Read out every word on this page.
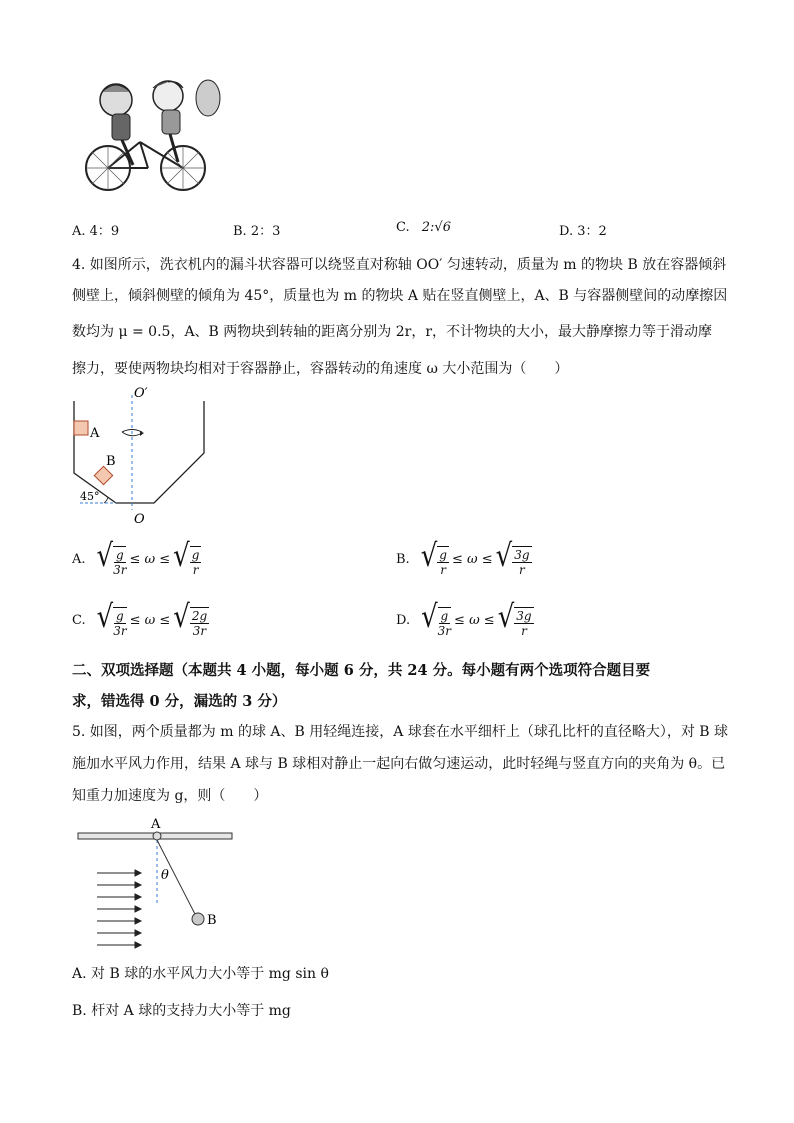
A. 4：9	B. 2：3	C. 2:√6	D. 3：2
4. 如图所示，洗衣机内的漏斗状容器可以绕竖直对称轴 OO′ 匀速转动，质量为 m 的物块 B 放在容器倾斜
侧壁上，倾斜侧壁的倾角为 45°，质量也为 m 的物块 A 贴在竖直侧壁上，A、B 与容器侧壁间的动摩擦因
数均为 μ = 0.5，A、B 两物块到转轴的距离分别为 2r，r，不计物块的大小，最大静摩擦力等于滑动摩
擦力，要使两物块均相对于容器静止，容器转动的角速度 ω 大小范围为（　　）
O′
O
A
B
45°
A. √ $\frac{g}{3r} \le \omega$ ≤ √ $\frac{g}{r}$	B. √ $\frac{g}{r} \le \omega$ ≤ √ $\frac{3g}{r}$
C. √ $\frac{g}{3r} \le \omega$ ≤ √ $\frac{2g}{3r}$	D. √ $\frac{g}{3r} \le \omega$ ≤ √ $\frac{3g}{r}$
二、双项选择题（本题共 4 小题，每小题 6 分，共 24 分。每小题有两个选项符合题目要
求，错选得 0 分，漏选的 3 分）
5. 如图，两个质量都为 m 的球 A、B 用轻绳连接，A 球套在水平细杆上（球孔比杆的直径略大），对 B 球
施加水平风力作用，结果 A 球与 B 球相对静止一起向右做匀速运动，此时轻绳与竖直方向的夹角为 θ。已
知重力加速度为 g，则（　　）
A
B
θ
A. 对 B 球的水平风力大小等于 mg sin θ
B. 杆对 A 球的支持力大小等于 mg
